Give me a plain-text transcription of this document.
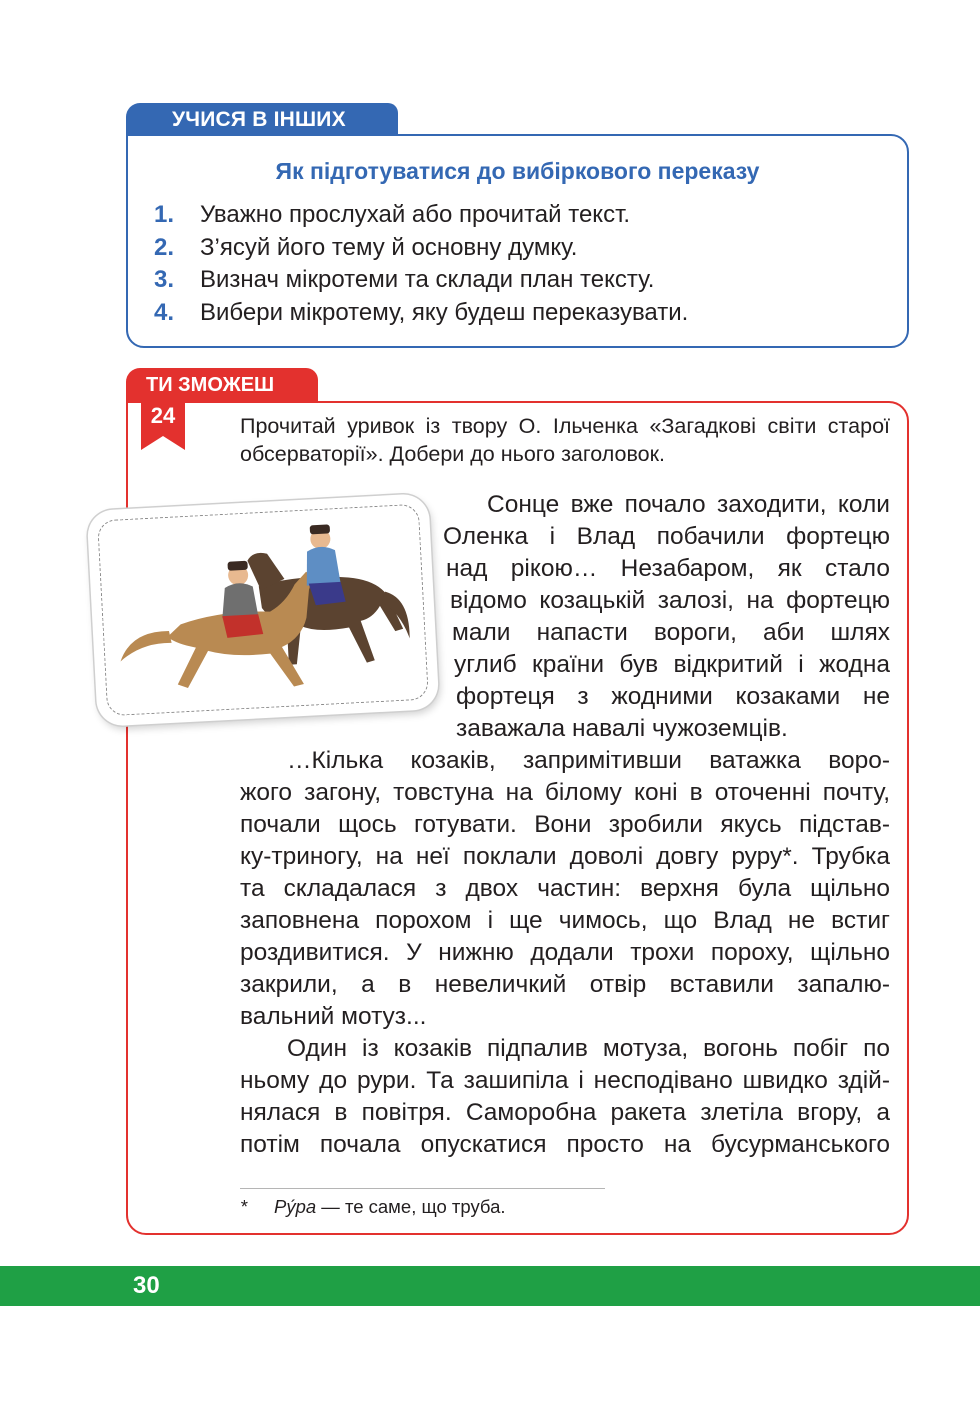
УЧИСЯ В ІНШИХ
Як підготуватися до вибіркового переказу
1. Уважно прослухай або прочитай текст.
2. З’ясуй його тему й основну думку.
3. Визнач мікротеми та склади план тексту.
4. Вибери мікротему, яку будеш переказувати.
ТИ ЗМОЖЕШ
24	Прочитай уривок із твору О. Ільченка «Загадкові світи старої обсерваторії». Добери до нього заголовок.
Сонце вже почало заходити, коли
Оленка і Влад побачили фортецю
над рікою… Незабаром, як стало
відомо козацькій залозі, на фортецю
мали напасти вороги, аби шлях
углиб країни був відкритий і жодна
фортеця з жодними козаками не
заважала навалі чужоземців.
…Кілька козаків, запримітивши ватажка воро-
жого загону, товстуна на білому коні в оточенні почту,
почали щось готувати. Вони зробили якусь підстав-
ку-триногу, на неї поклали доволі довгу руру*. Трубка
та складалася з двох частин: верхня була щільно
заповнена порохом і ще чимось, що Влад не встиг
роздивитися. У нижню додали трохи пороху, щільно
закрили, а в невеличкий отвір вставили запалю-
вальний мотуз...
Один із козаків підпалив мотуза, вогонь побіг по
ньому до рури. Та зашипіла і несподівано швидко здій-
нялася в повітря. Саморобна ракета злетіла вгору, а
потім почала опускатися просто на бусурманського
* Ру́ра — те саме, що труба.
30
